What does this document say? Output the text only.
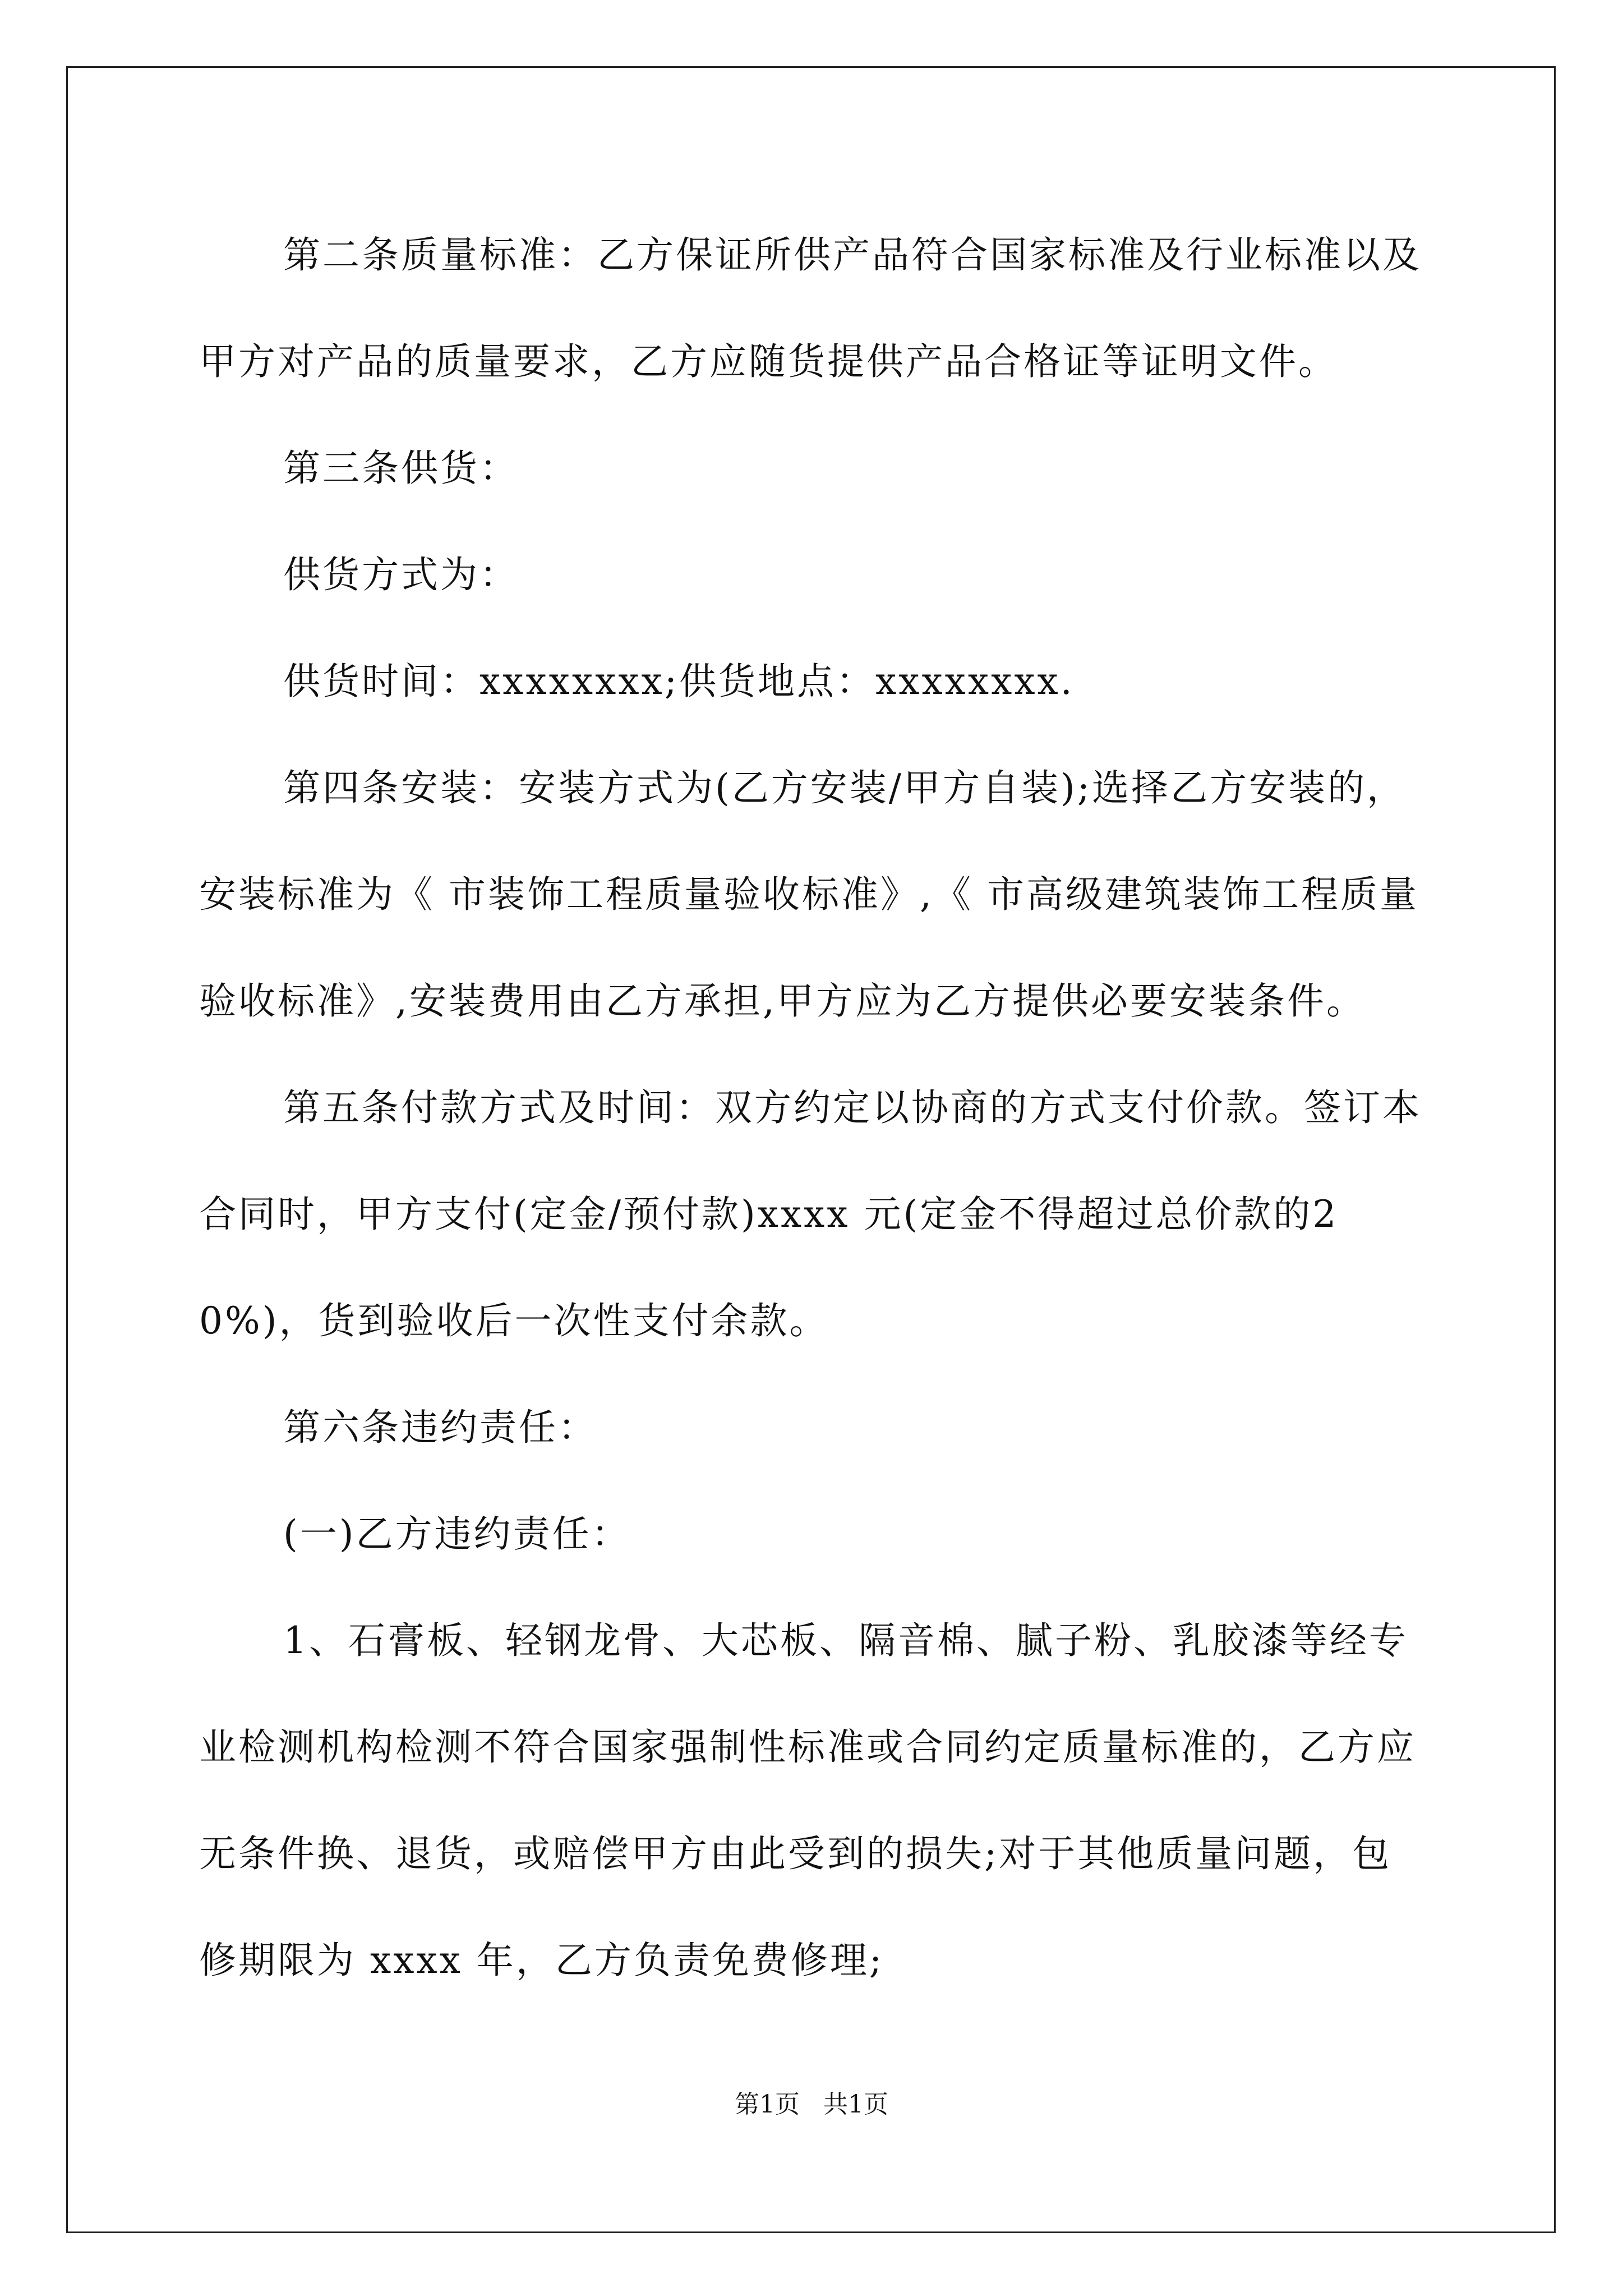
第二条质量标准：乙方保证所供产品符合国家标准及行业标准以及甲方对产品的质量要求，乙方应随货提供产品合格证等证明文件。

第三条供货：

供货方式为：

供货时间：xxxxxxxx;供货地点：xxxxxxxx.

第四条安装：安装方式为(乙方安装/甲方自装);选择乙方安装的，安装标准为《 市装饰工程质量验收标准》,《 市高级建筑装饰工程质量验收标准》,安装费用由乙方承担,甲方应为乙方提供必要安装条件。

第五条付款方式及时间：双方约定以协商的方式支付价款。签订本合同时，甲方支付(定金/预付款)xxxx 元(定金不得超过总价款的20%)，货到验收后一次性支付余款。

第六条违约责任：

(一)乙方违约责任：

1、石膏板、轻钢龙骨、大芯板、隔音棉、腻子粉、乳胶漆等经专业检测机构检测不符合国家强制性标准或合同约定质量标准的，乙方应无条件换、退货，或赔偿甲方由此受到的损失;对于其他质量问题，包修期限为 xxxx 年，乙方负责免费修理;

第1页 共1页
